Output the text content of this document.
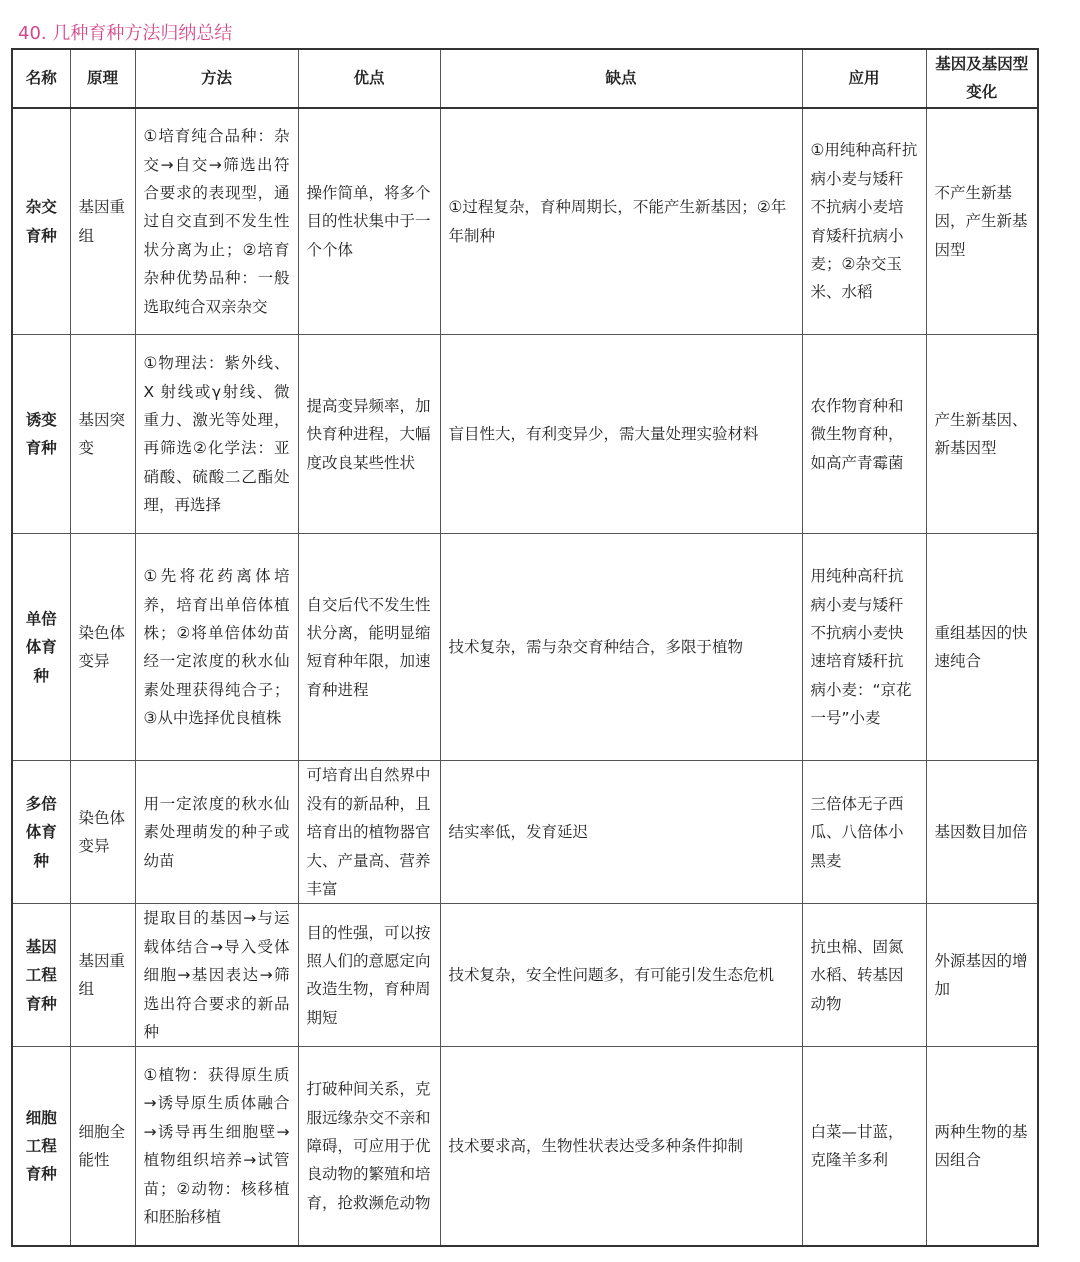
40. 几种育种方法归纳总结
名称	原理	方法	优点	缺点	应用	基因及基因型变化
杂交育种	基因重组	①培育纯合品种：杂交→自交→筛选出符合要求的表现型，通过自交直到不发生性状分离为止；②培育杂种优势品种：一般选取纯合双亲杂交	操作简单，将多个目的性状集中于一个个体	①过程复杂，育种周期长，不能产生新基因；②年年制种	①用纯种高秆抗病小麦与矮秆不抗病小麦培育矮秆抗病小麦；②杂交玉米、水稻	不产生新基因，产生新基因型
诱变育种	基因突变	①物理法：紫外线、X 射线或γ射线、微重力、激光等处理，再筛选②化学法：亚硝酸、硫酸二乙酯处理，再选择	提高变异频率，加快育种进程，大幅度改良某些性状	盲目性大，有利变异少，需大量处理实验材料	农作物育种和微生物育种，如高产青霉菌	产生新基因、新基因型
单倍体育种	染色体变异	①先将花药离体培养，培育出单倍体植株；②将单倍体幼苗经一定浓度的秋水仙素处理获得纯合子；③从中选择优良植株	自交后代不发生性状分离，能明显缩短育种年限，加速育种进程	技术复杂，需与杂交育种结合，多限于植物	用纯种高秆抗病小麦与矮秆不抗病小麦快速培育矮秆抗病小麦：“京花一号”小麦	重组基因的快速纯合
多倍体育种	染色体变异	用一定浓度的秋水仙素处理萌发的种子或幼苗	可培育出自然界中没有的新品种，且培育出的植物器官大、产量高、营养丰富	结实率低，发育延迟	三倍体无子西瓜、八倍体小黑麦	基因数目加倍
基因工程育种	基因重组	提取目的基因→与运载体结合→导入受体细胞→基因表达→筛选出符合要求的新品种	目的性强，可以按照人们的意愿定向改造生物，育种周期短	技术复杂，安全性问题多，有可能引发生态危机	抗虫棉、固氮水稻、转基因动物	外源基因的增加
细胞工程育种	细胞全能性	①植物：获得原生质→诱导原生质体融合→诱导再生细胞壁→植物组织培养→试管苗；②动物：核移植和胚胎移植	打破种间关系，克服远缘杂交不亲和障碍，可应用于优良动物的繁殖和培育，抢救濒危动物	技术要求高，生物性状表达受多种条件抑制	白菜—甘蓝，克隆羊多利	两种生物的基因组合
